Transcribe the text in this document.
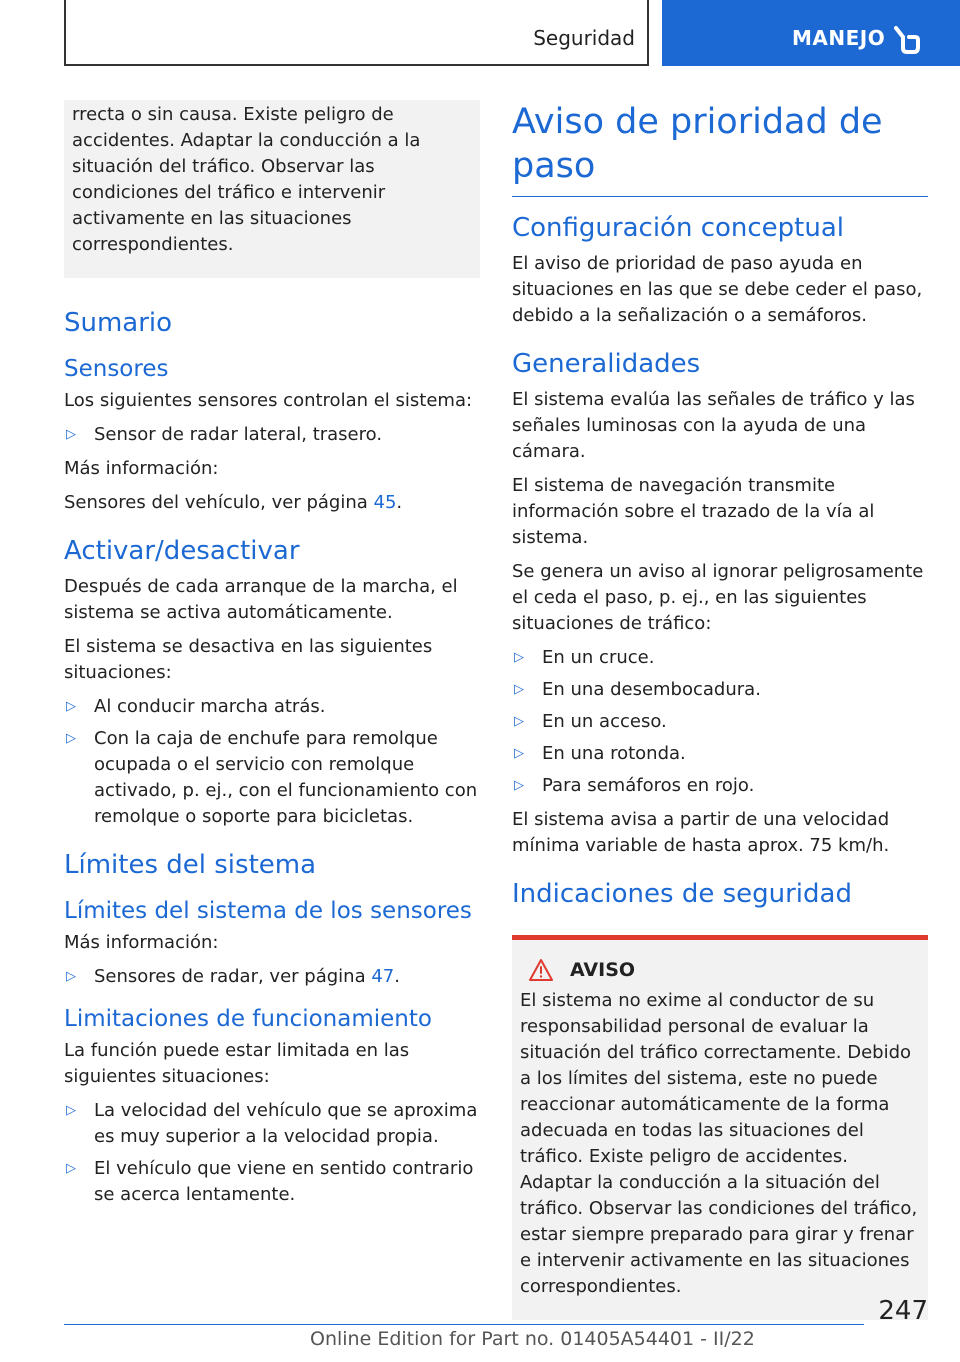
Seguridad	MANEJO

rrecta o sin causa. Existe peligro de accidentes. Adaptar la conducción a la situación del tráfico. Observar las condiciones del tráfico e intervenir activamente en las situaciones correspondientes.

Sumario
Sensores

Los siguientes sensores controlan el sistema:

▷ Sensor de radar lateral, trasero.

Más información:

Sensores del vehículo, ver página 45.

Activar/desactivar

Después de cada arranque de la marcha, el sistema se activa automáticamente.

El sistema se desactiva en las siguientes situaciones:

▷ Al conducir marcha atrás.
▷ Con la caja de enchufe para remolque ocupada o el servicio con remolque activado, p. ej., con el funcionamiento con remolque o soporte para bicicletas.
Límites del sistema
Límites del sistema de los sensores

Más información:

▷ Sensores de radar, ver página 47.
Limitaciones de funcionamiento

La función puede estar limitada en las siguientes situaciones:

▷ La velocidad del vehículo que se aproxima es muy superior a la velocidad propia.
▷ El vehículo que viene en sentido contrario se acerca lentamente.
Aviso de prioridad de paso
Configuración conceptual

El aviso de prioridad de paso ayuda en situaciones en las que se debe ceder el paso, debido a la señalización o a semáforos.

Generalidades

El sistema evalúa las señales de tráfico y las señales luminosas con la ayuda de una cámara.

El sistema de navegación transmite información sobre el trazado de la vía al sistema.

Se genera un aviso al ignorar peligrosamente el ceda el paso, p. ej., en las siguientes situaciones de tráfico:

▷ En un cruce.
▷ En una desembocadura.
▷ En un acceso.
▷ En una rotonda.
▷ Para semáforos en rojo.

El sistema avisa a partir de una velocidad mínima variable de hasta aprox. 75 km/h.

Indicaciones de seguridad
AVISO

El sistema no exime al conductor de su responsabilidad personal de evaluar la situación del tráfico correctamente. Debido a los límites del sistema, este no puede reaccionar automáticamente de la forma adecuada en todas las situaciones del tráfico. Existe peligro de accidentes. Adaptar la conducción a la situación del tráfico. Observar las condiciones del tráfico, estar siempre preparado para girar y frenar e intervenir activamente en las situaciones correspondientes.

247
Online Edition for Part no. 01405A54401 - II/22
